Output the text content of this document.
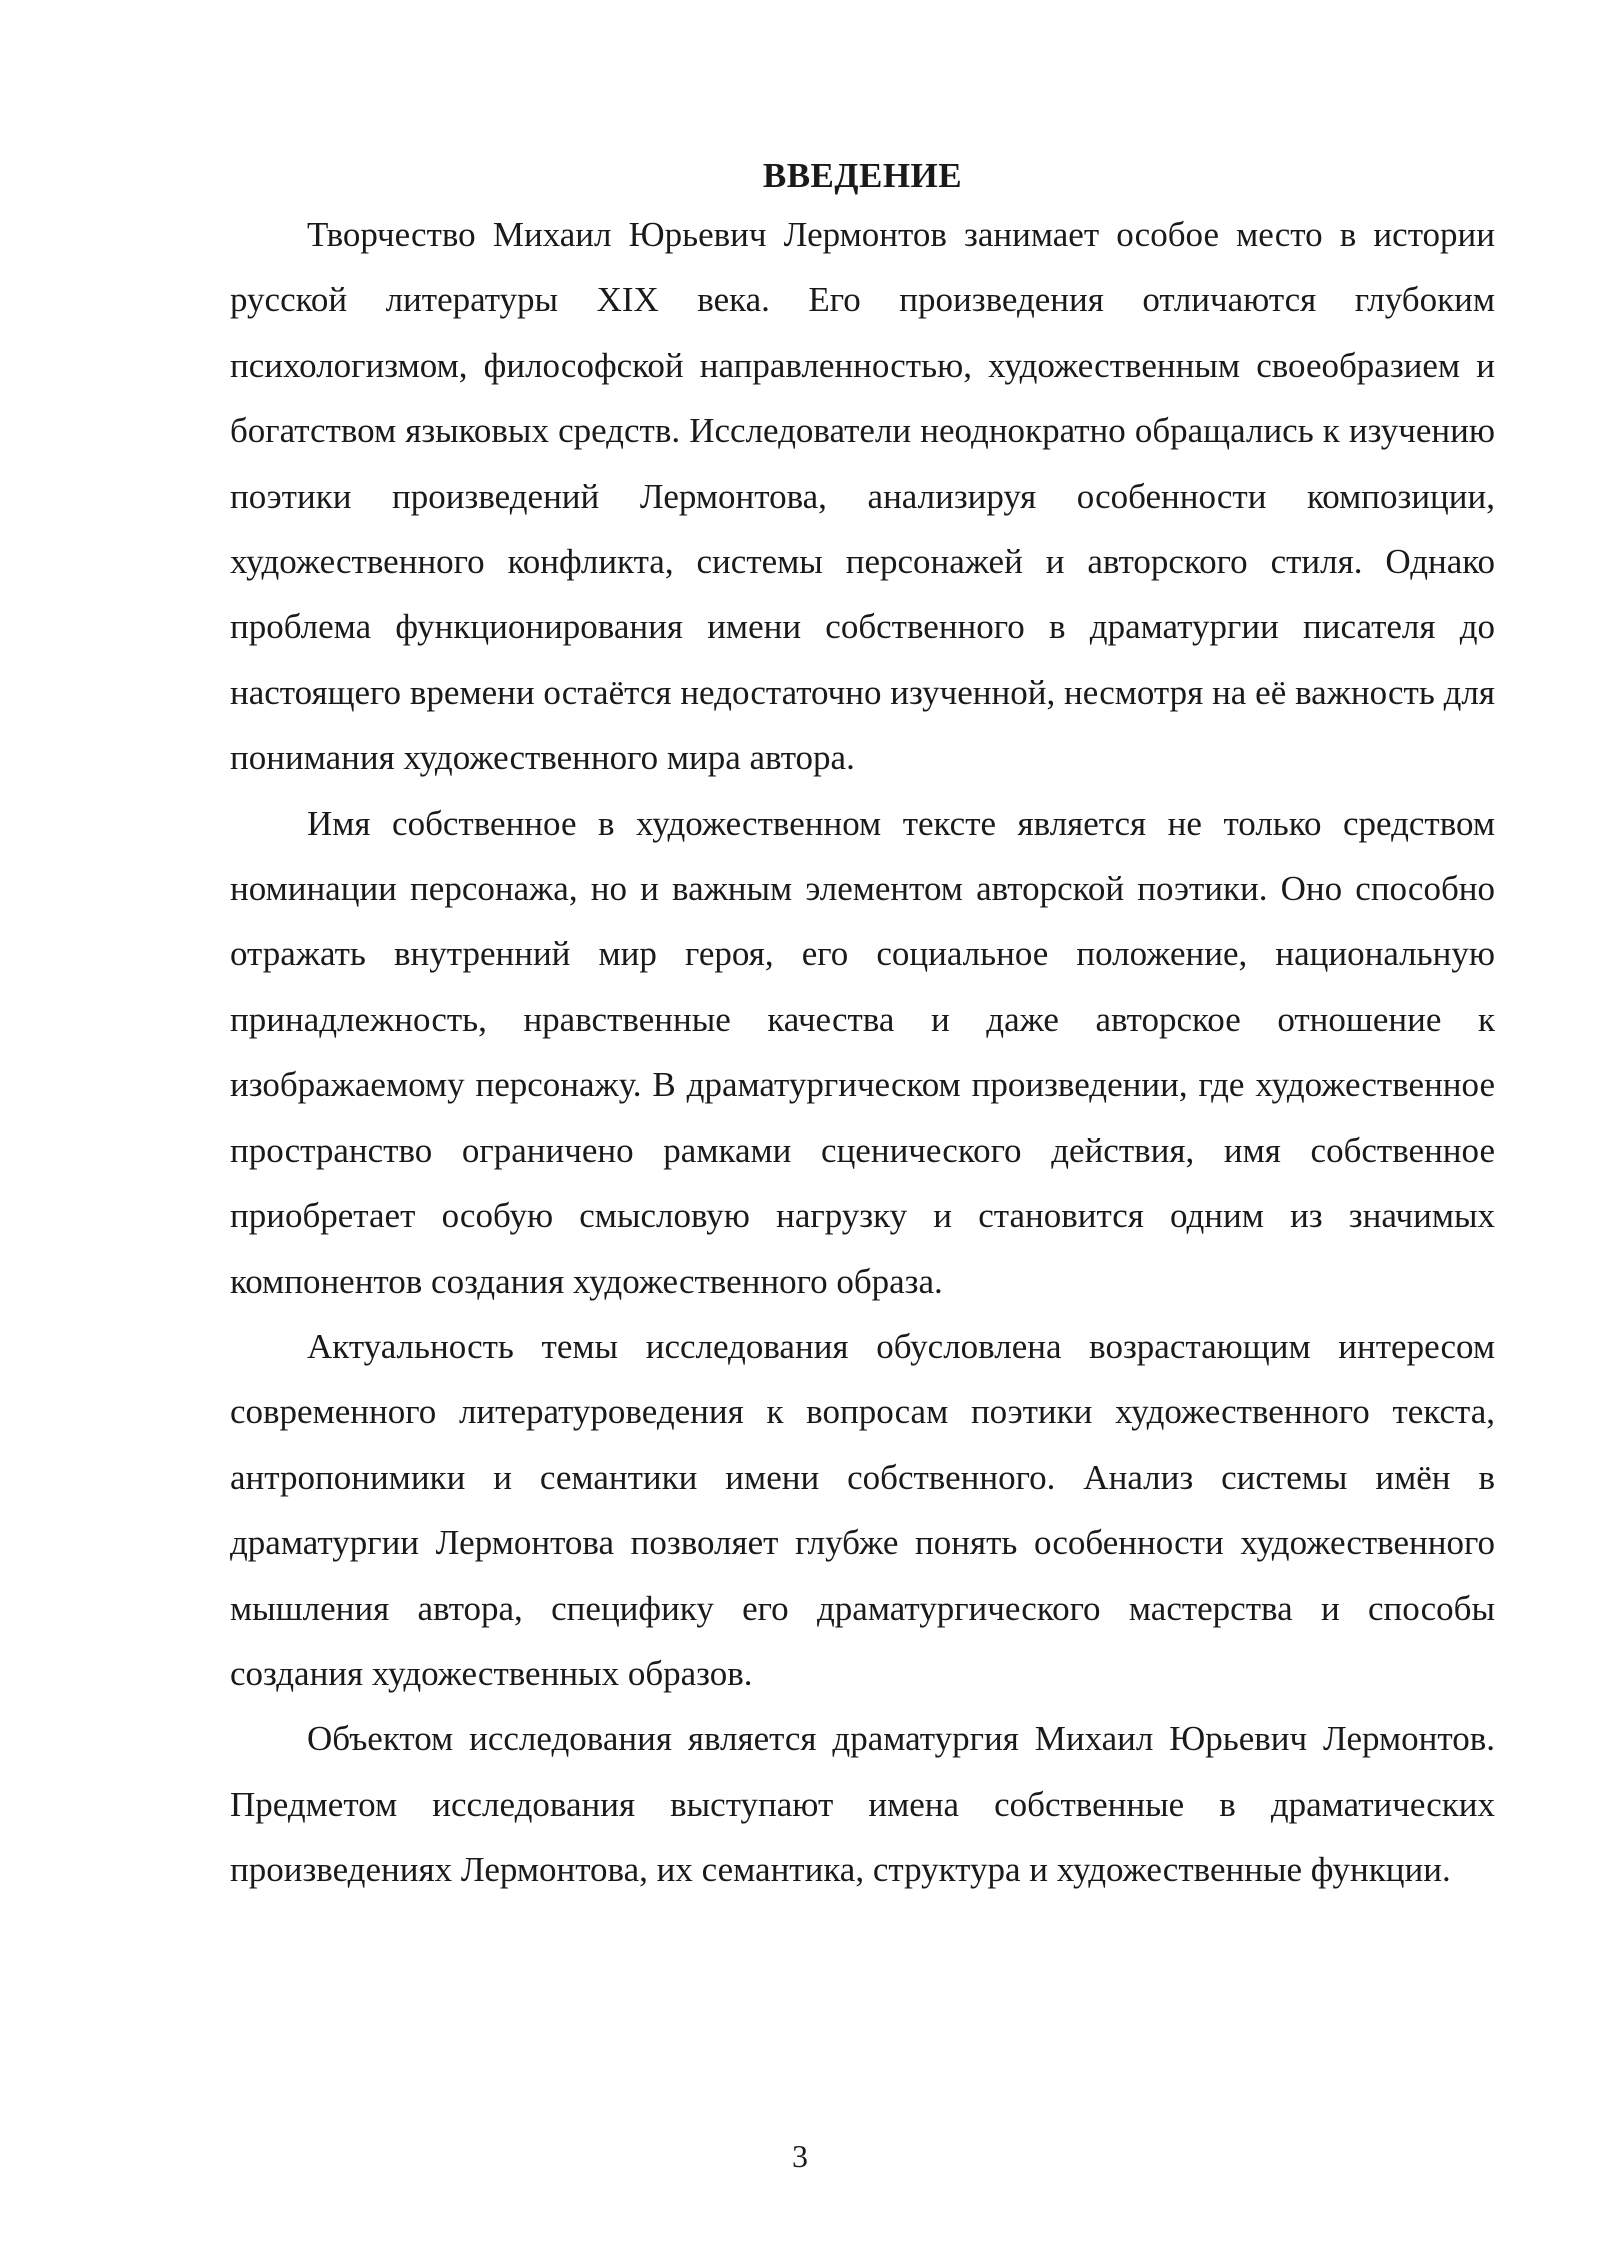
ВВЕДЕНИЕ

Творчество Михаил Юрьевич Лермонтов занимает особое место в истории русской литературы XIX века. Его произведения отличаются глубоким психологизмом, философской направленностью, художественным своеобразием и богатством языковых средств. Исследователи неоднократно обращались к изучению поэтики произведений Лермонтова, анализируя особенности композиции, художественного конфликта, системы персонажей и авторского стиля. Однако проблема функционирования имени собственного в драматургии писателя до настоящего времени остаётся недостаточно изученной, несмотря на её важность для понимания художественного мира автора.

Имя собственное в художественном тексте является не только средством номинации персонажа, но и важным элементом авторской поэтики. Оно способно отражать внутренний мир героя, его социальное положение, национальную принадлежность, нравственные качества и даже авторское отношение к изображаемому персонажу. В драматургическом произведении, где художественное пространство ограничено рамками сценического действия, имя собственное приобретает особую смысловую нагрузку и становится одним из значимых компонентов создания художественного образа.

Актуальность темы исследования обусловлена возрастающим интересом современного литературоведения к вопросам поэтики художественного текста, антропонимики и семантики имени собственного. Анализ системы имён в драматургии Лермонтова позволяет глубже понять особенности художественного мышления автора, специфику его драматургического мастерства и способы создания художественных образов.

Объектом исследования является драматургия Михаил Юрьевич Лермонтов. Предметом исследования выступают имена собственные в драматических произведениях Лермонтова, их семантика, структура и художественные функции.

3
